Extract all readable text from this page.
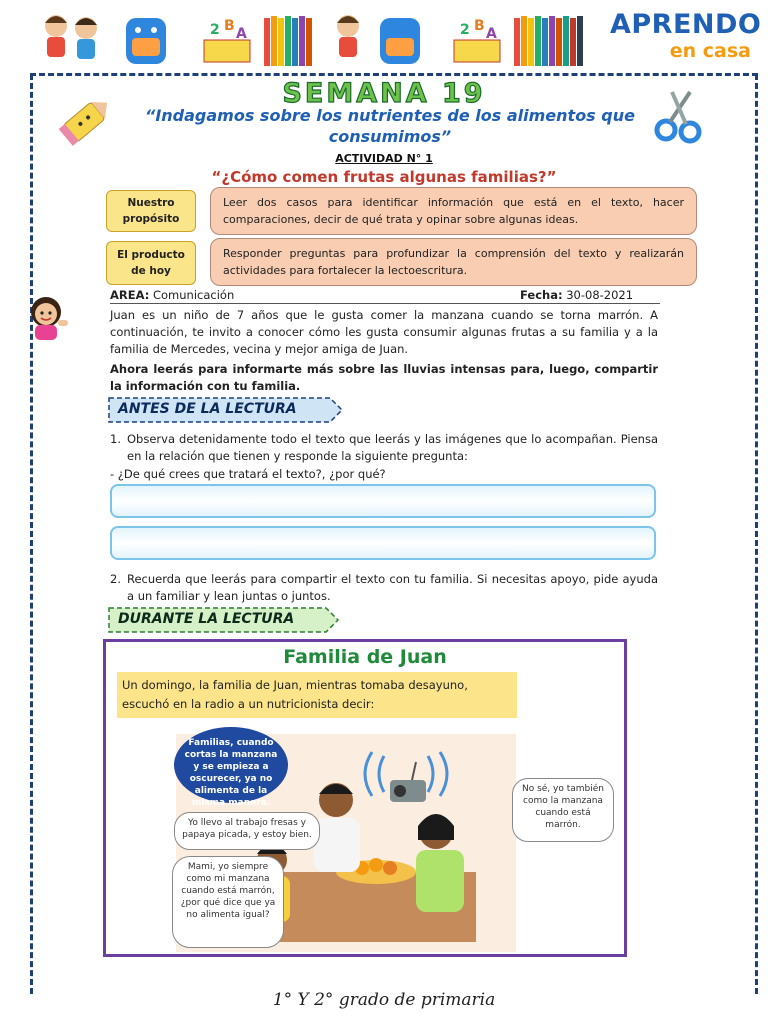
2 B A	2 B A	APRENDO
en casa
SEMANA 19
“Indagamos sobre los nutrientes de los alimentos que consumimos”
ACTIVIDAD N° 1
“¿Cómo comen frutas algunas familias?”
Nuestro propósito
Leer dos casos para identificar información que está en el texto, hacer comparaciones, decir de qué trata y opinar sobre algunas ideas.
El producto de hoy
Responder preguntas para profundizar la comprensión del texto y realizarán actividades para fortalecer la lectoescritura.
AREA: Comunicación	Fecha: 30-08-2021
Juan es un niño de 7 años que le gusta comer la manzana cuando se torna marrón. A continuación, te invito a conocer cómo les gusta consumir algunas frutas a su familia y a la familia de Mercedes, vecina y mejor amiga de Juan.
Ahora leerás para informarte más sobre las lluvias intensas para, luego, compartir la información con tu familia.
ANTES DE LA LECTURA
1. Observa detenidamente todo el texto que leerás y las imágenes que lo acompañan. Piensa en la relación que tienen y responde la siguiente pregunta:
- ¿De qué crees que tratará el texto?, ¿por qué?
2. Recuerda que leerás para compartir el texto con tu familia. Si necesitas apoyo, pide ayuda a un familiar y lean juntas o juntos.
DURANTE LA LECTURA
Familia de Juan
Un domingo, la familia de Juan, mientras tomaba desayuno, escuchó en la radio a un nutricionista decir:
Familias, cuando cortas la manzana y se empieza a oscurecer, ya no alimenta de la misma manera.
Yo llevo al trabajo fresas y papaya picada, y estoy bien.
Mami, yo siempre como mi manzana cuando está marrón, ¿por qué dice que ya no alimenta igual?
No sé, yo también como la manzana cuando está marrón.
1° Y 2° grado de primaria
